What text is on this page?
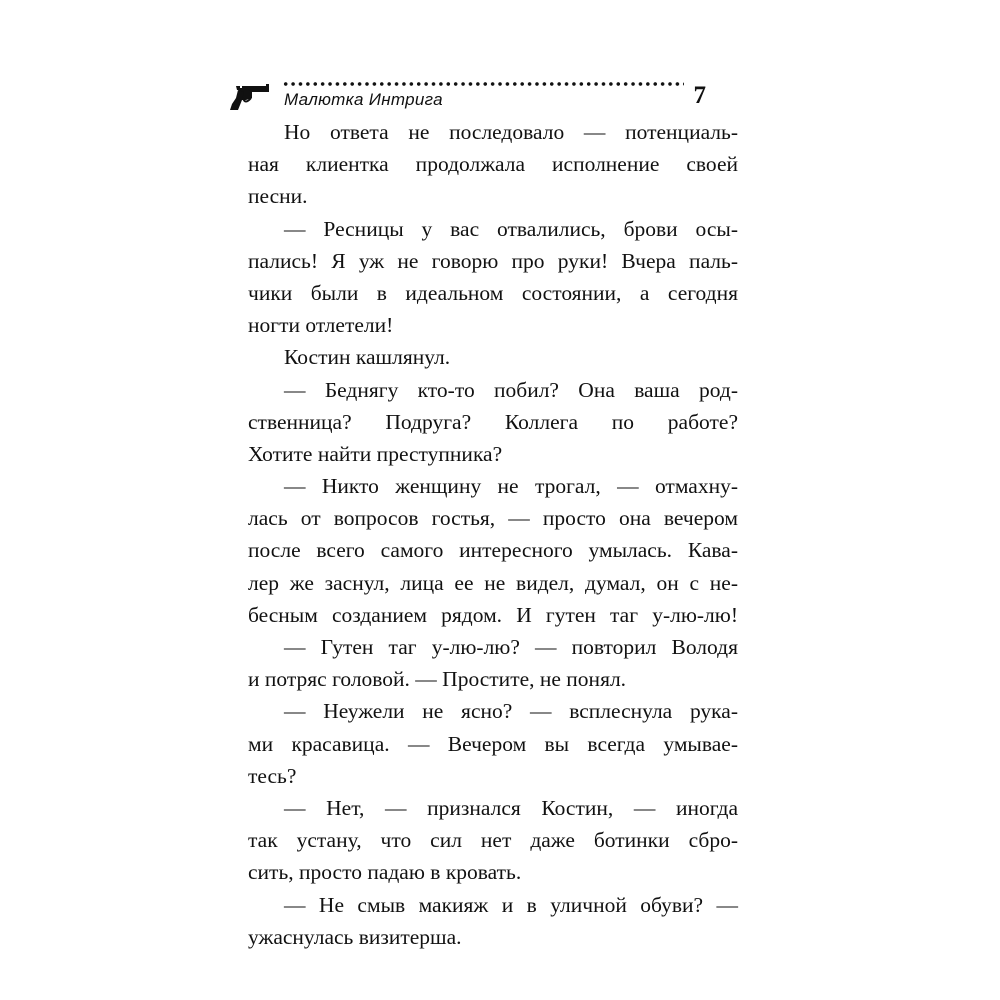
Малютка Интрига	7
Но ответа не последовало — потенциаль-
ная клиентка продолжала исполнение своей
песни.
— Ресницы у вас отвалились, брови осы-
пались! Я уж не говорю про руки! Вчера паль-
чики были в идеальном состоянии, а сегодня
ногти отлетели!
Костин кашлянул.
— Беднягу кто-то побил? Она ваша род-
ственница? Подруга? Коллега по работе?
Хотите найти преступника?
— Никто женщину не трогал, — отмахну-
лась от вопросов гостья, — просто она вечером
после всего самого интересного умылась. Кава-
лер же заснул, лица ее не видел, думал, он с не-
бесным созданием рядом. И гутен таг у-лю-лю!
— Гутен таг у-лю-лю? — повторил Володя
и потряс головой. — Простите, не понял.
— Неужели не ясно? — всплеснула рука-
ми красавица. — Вечером вы всегда умывае-
тесь?
— Нет, — признался Костин, — иногда
так устану, что сил нет даже ботинки сбро-
сить, просто падаю в кровать.
— Не смыв макияж и в уличной обуви? —
ужаснулась визитерша.
